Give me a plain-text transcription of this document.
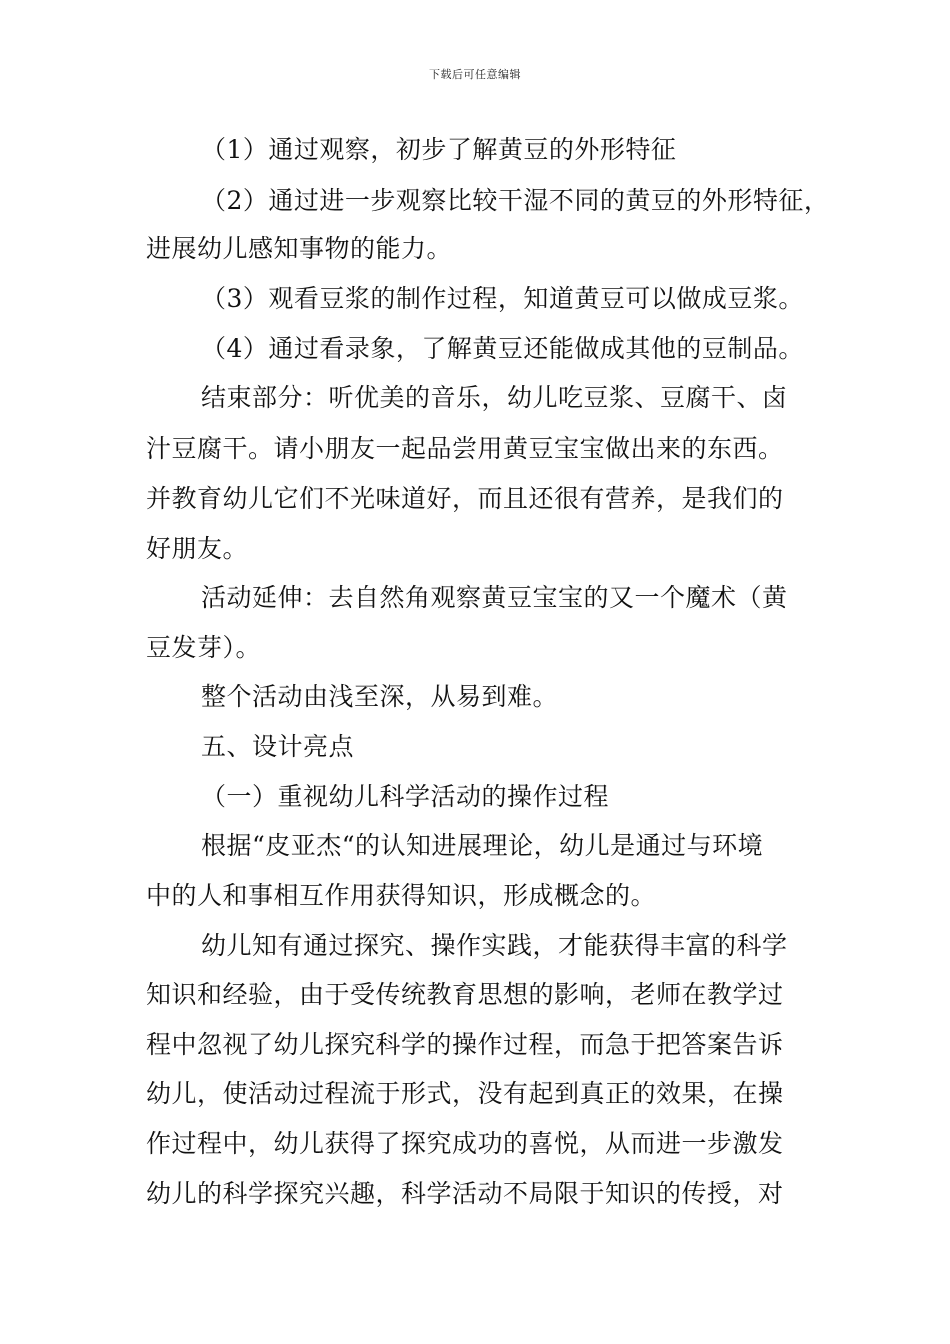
下载后可任意编辑
（1）通过观察，初步了解黄豆的外形特征
（2）通过进一步观察比较干湿不同的黄豆的外形特征，
进展幼儿感知事物的能力。
（3）观看豆浆的制作过程，知道黄豆可以做成豆浆。
（4）通过看录象，了解黄豆还能做成其他的豆制品。
结束部分：听优美的音乐，幼儿吃豆浆、豆腐干、卤
汁豆腐干。请小朋友一起品尝用黄豆宝宝做出来的东西。
并教育幼儿它们不光味道好，而且还很有营养，是我们的
好朋友。
活动延伸：去自然角观察黄豆宝宝的又一个魔术（黄
豆发芽）。
整个活动由浅至深，从易到难。
五、设计亮点
（一）重视幼儿科学活动的操作过程
根据“皮亚杰“的认知进展理论，幼儿是通过与环境
中的人和事相互作用获得知识，形成概念的。
幼儿知有通过探究、操作实践，才能获得丰富的科学
知识和经验，由于受传统教育思想的影响，老师在教学过
程中忽视了幼儿探究科学的操作过程，而急于把答案告诉
幼儿，使活动过程流于形式，没有起到真正的效果，在操
作过程中，幼儿获得了探究成功的喜悦，从而进一步激发
幼儿的科学探究兴趣，科学活动不局限于知识的传授，对
